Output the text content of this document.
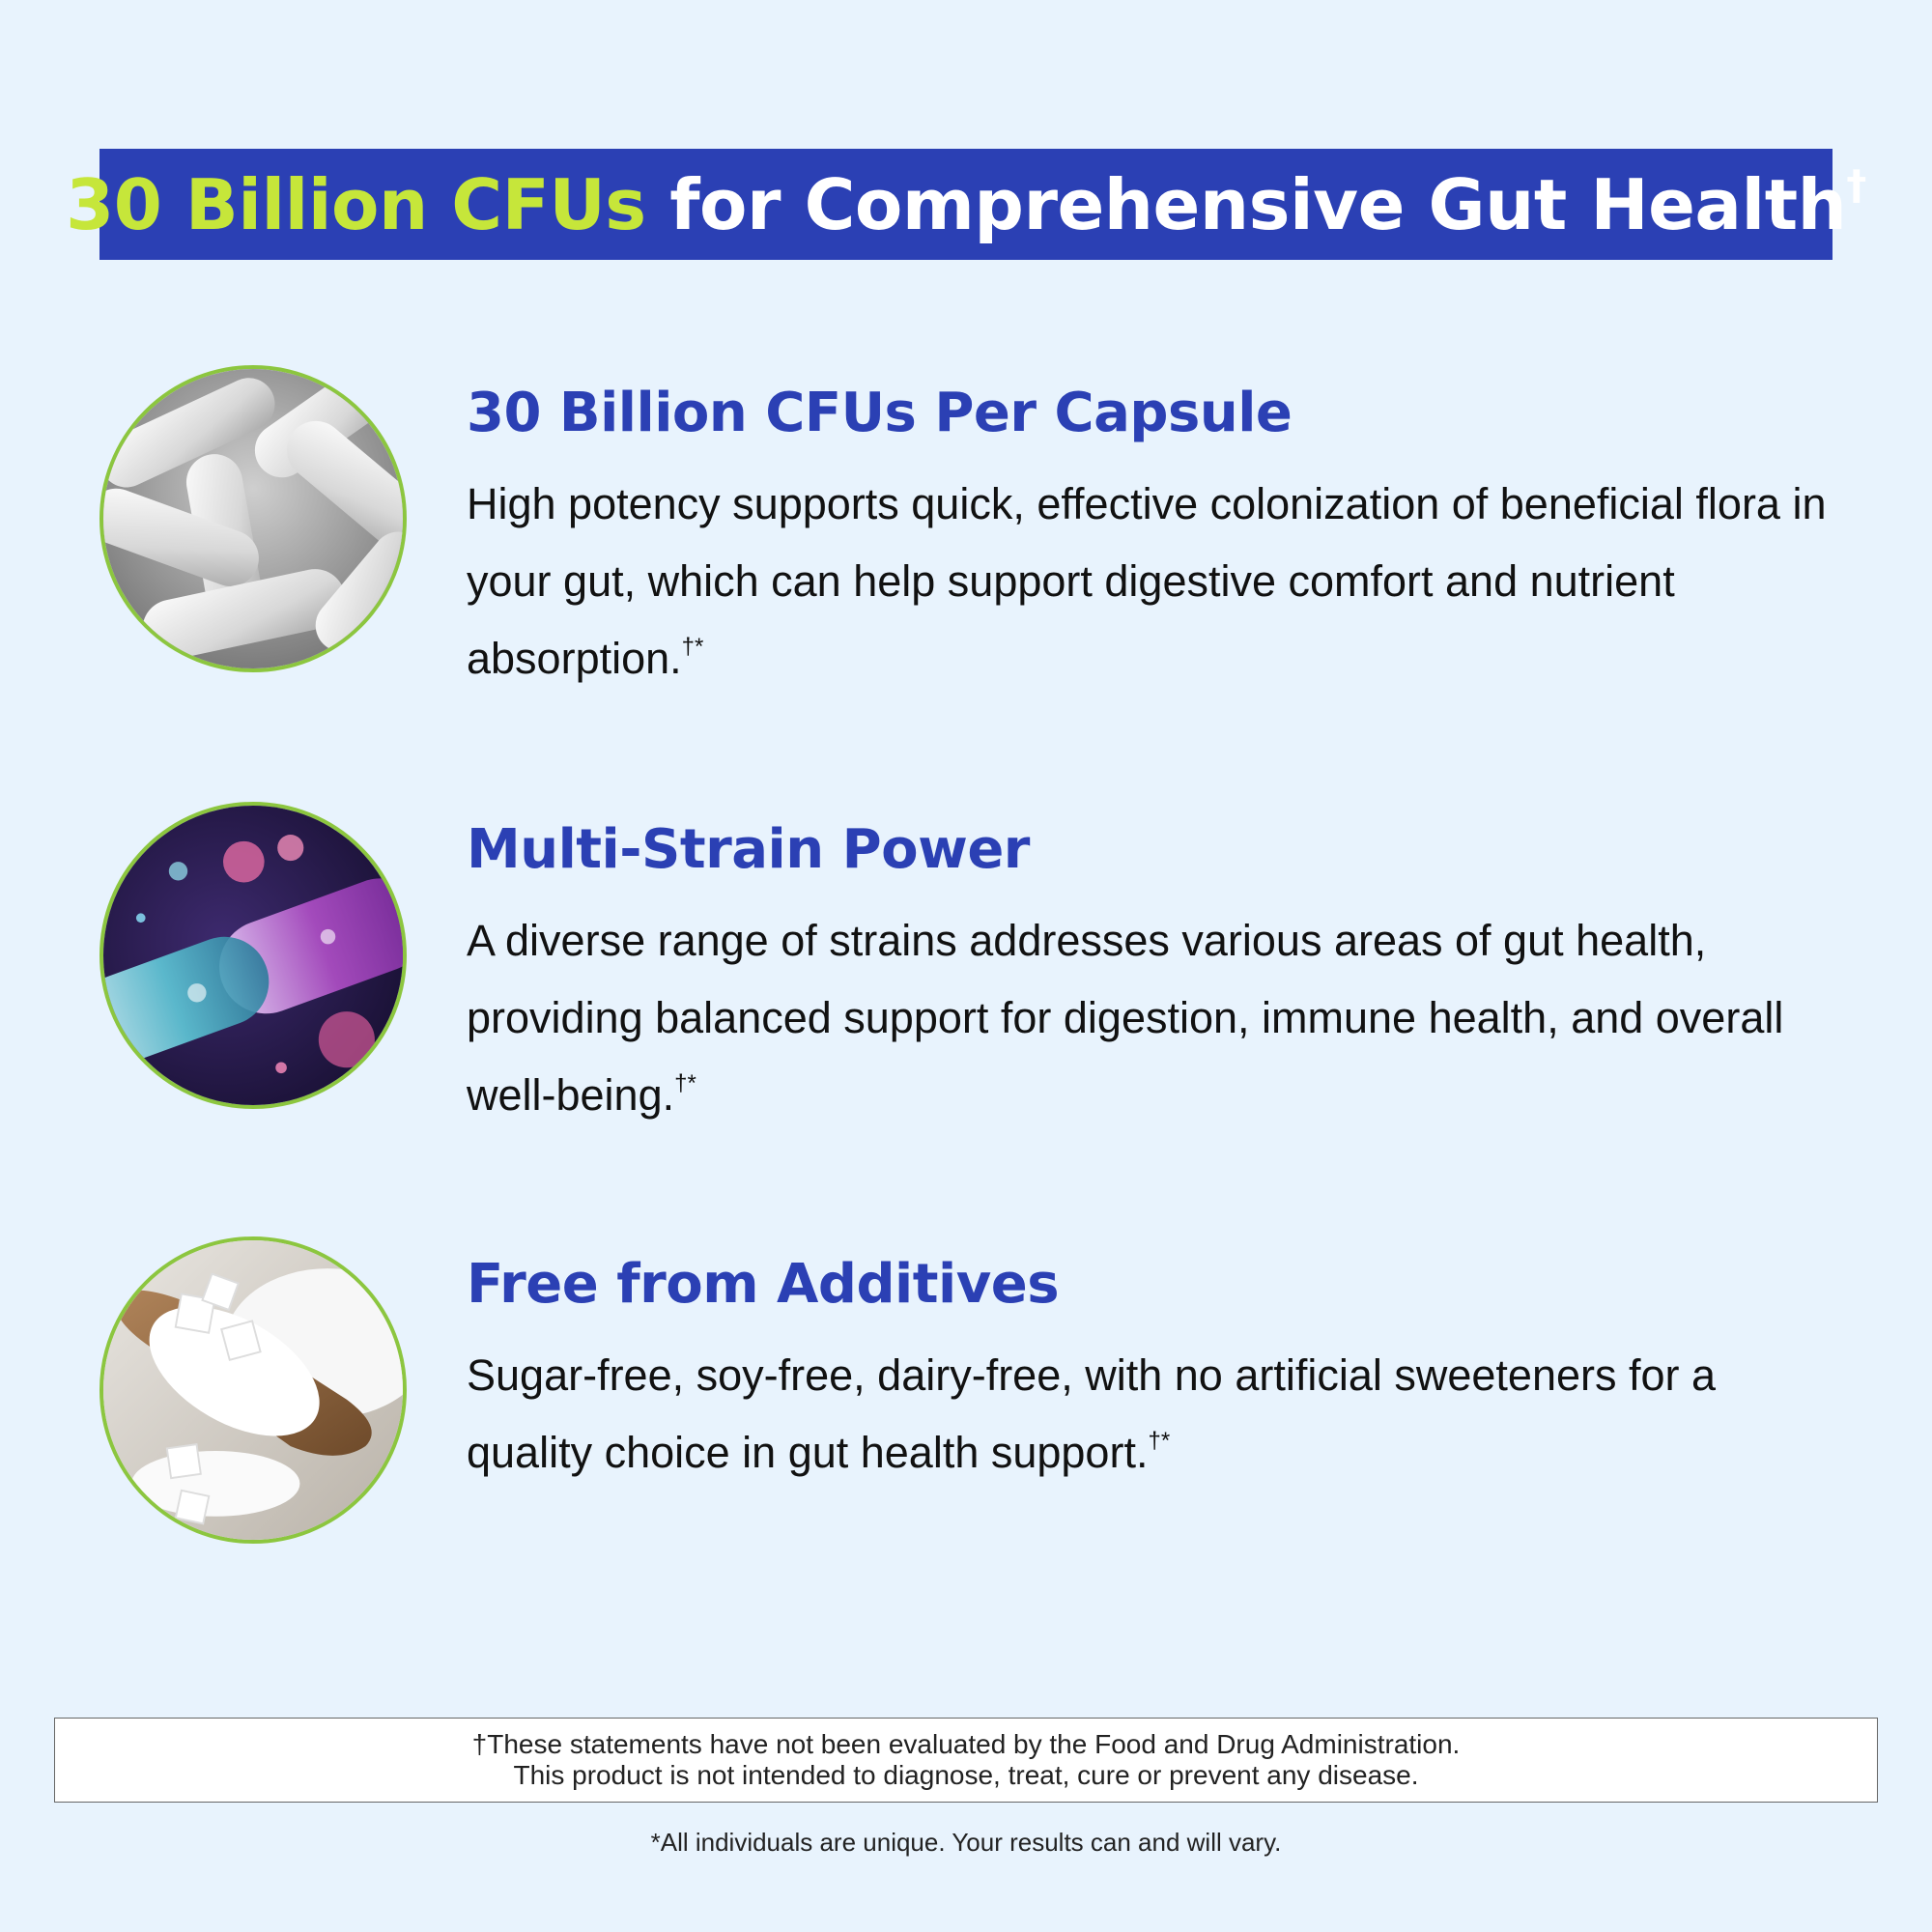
30 Billion CFUs for Comprehensive Gut Health†
30 Billion CFUs Per Capsule

High potency supports quick, effective colonization of beneficial flora in your gut, which can help support digestive comfort and nutrient absorption.†*

Multi-Strain Power

A diverse range of strains addresses various areas of gut health, providing balanced support for digestion, immune health, and overall well-being.†*

Free from Additives

Sugar-free, soy-free, dairy-free, with no artificial sweeteners for a quality choice in gut health support.†*

†These statements have not been evaluated by the Food and Drug Administration.
This product is not intended to diagnose, treat, cure or prevent any disease.
*All individuals are unique. Your results can and will vary.
